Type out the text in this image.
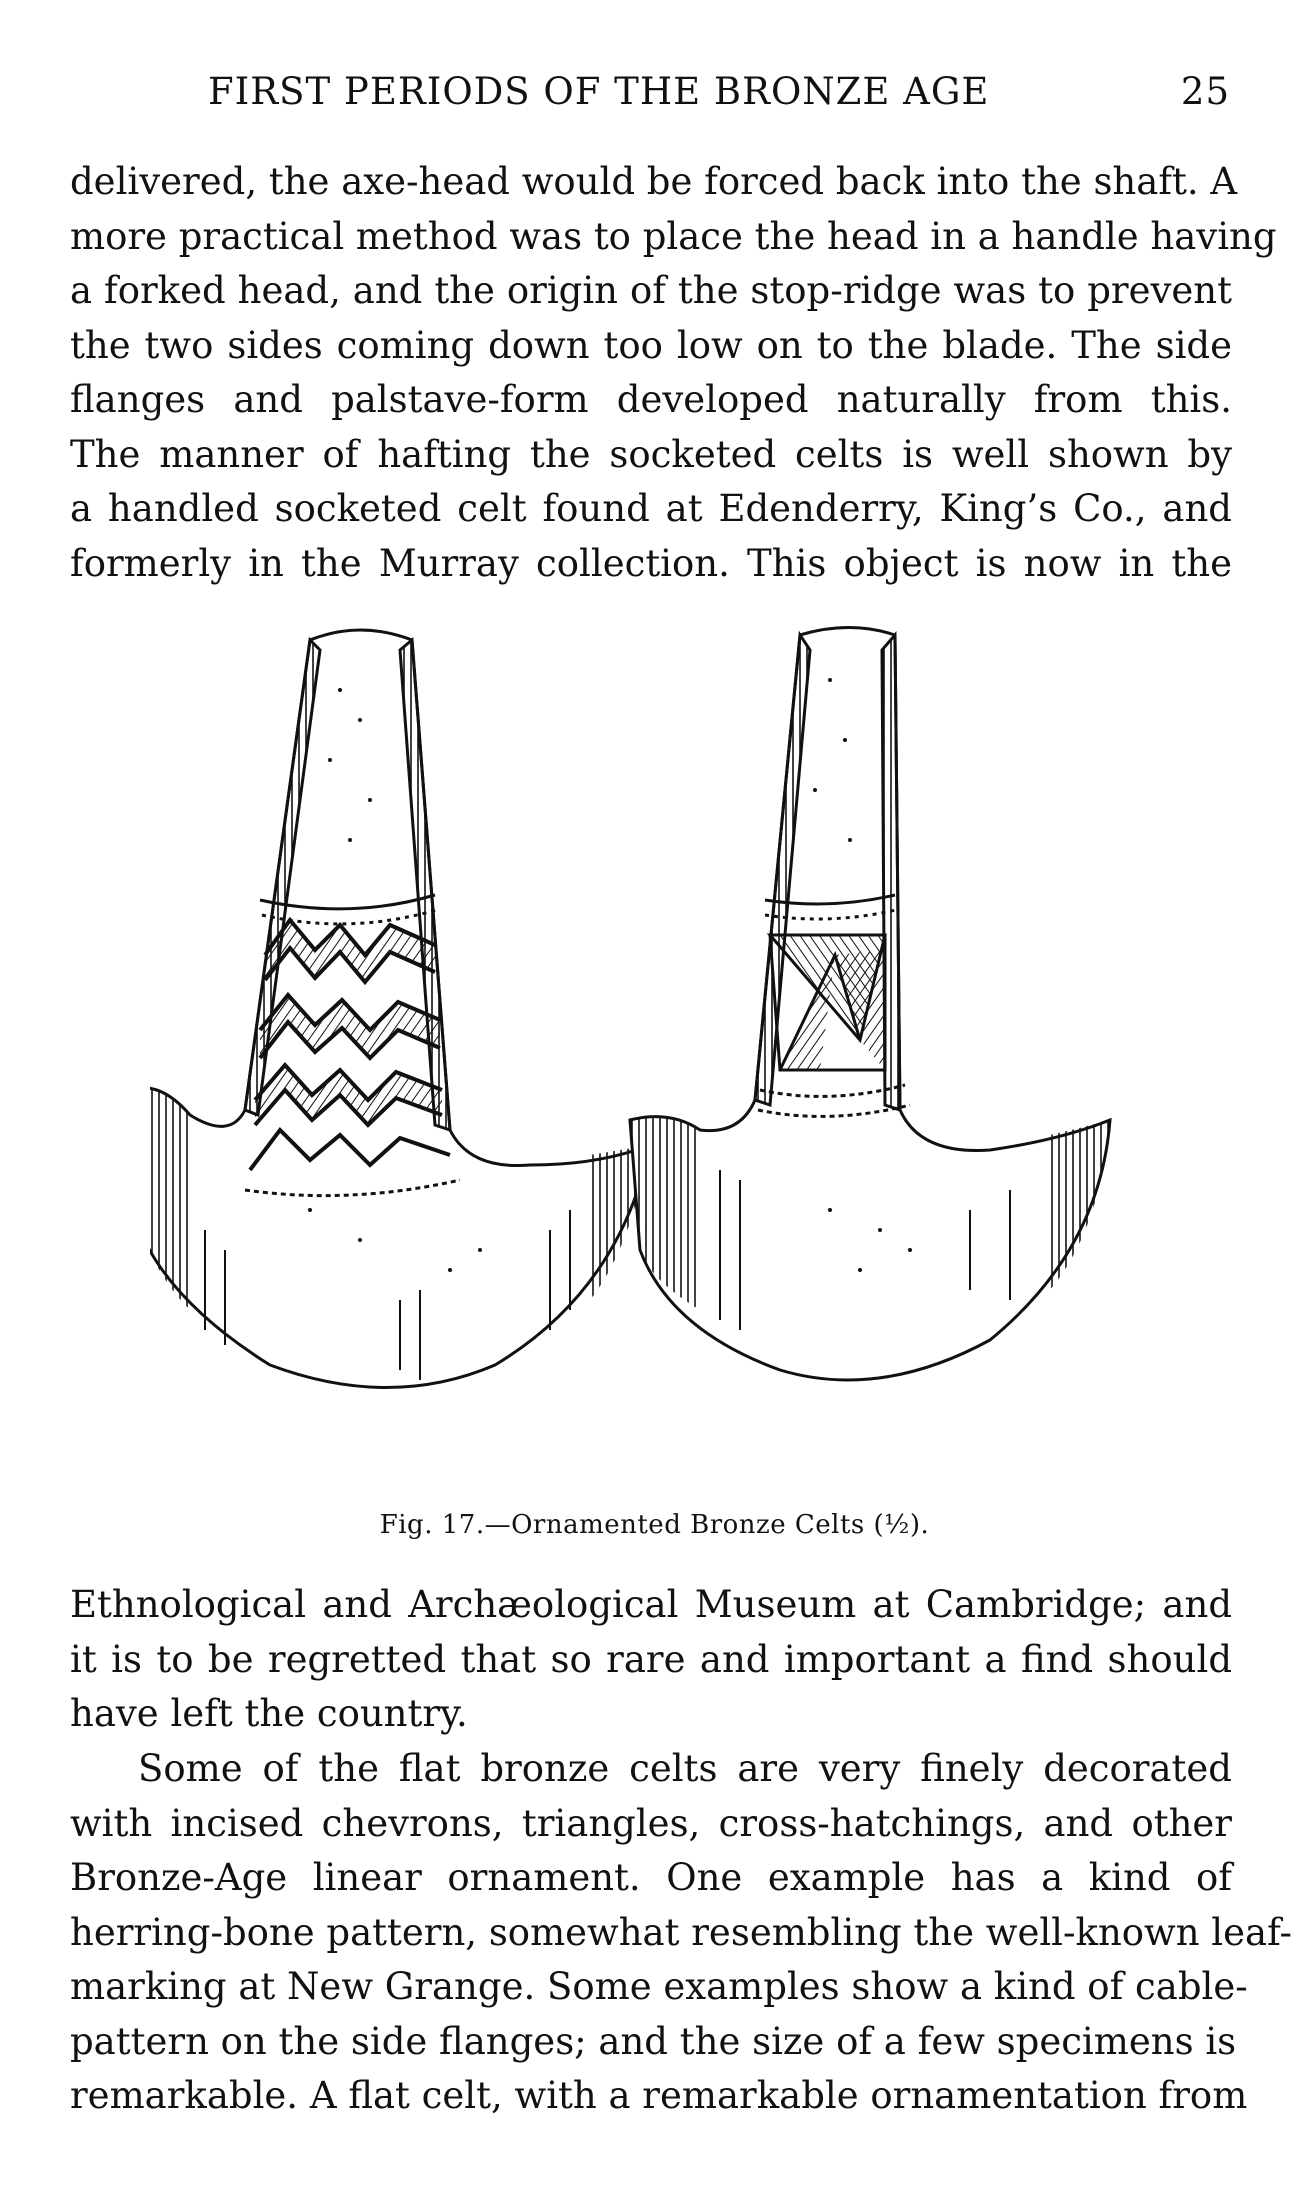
FIRST PERIODS OF THE BRONZE AGE	25

delivered, the axe-head would be forced back into the shaft. A
more practical method was to place the head in a handle having
a forked head, and the origin of the stop-ridge was to prevent
the two sides coming down too low on to the blade. The side
flanges and palstave-form developed naturally from this.
The manner of hafting the socketed celts is well shown by
a handled socketed celt found at Edenderry, King’s Co., and
formerly in the Murray collection. This object is now in the

Fig. 17.—Ornamented Bronze Celts (½).

Ethnological and Archæological Museum at Cambridge; and
it is to be regretted that so rare and important a find should
have left the country.

Some of the flat bronze celts are very finely decorated
with incised chevrons, triangles, cross-hatchings, and other
Bronze-Age linear ornament. One example has a kind of
herring-bone pattern, somewhat resembling the well-known leaf-
marking at New Grange. Some examples show a kind of cable-
pattern on the side flanges; and the size of a few specimens is
remarkable. A flat celt, with a remarkable ornamentation from
